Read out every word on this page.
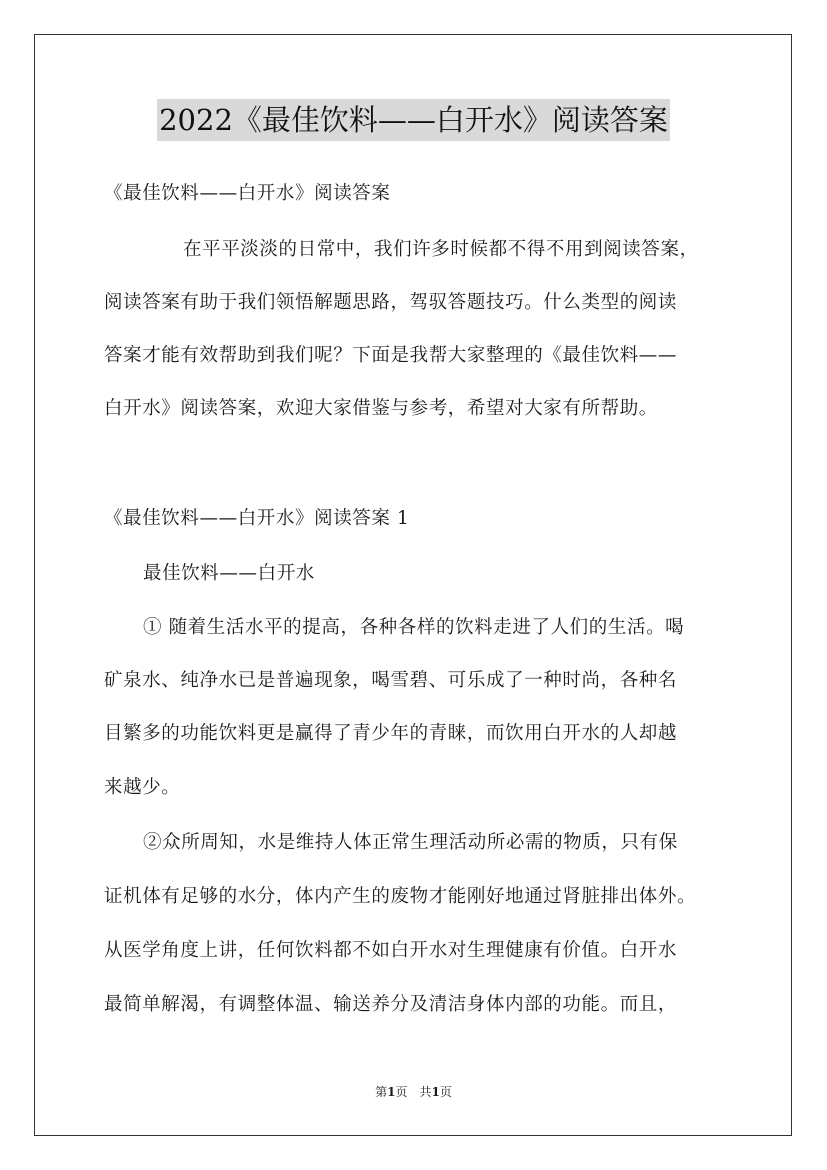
2022《最佳饮料——白开水》阅读答案
《最佳饮料——白开水》阅读答案
在平平淡淡的日常中，我们许多时候都不得不用到阅读答案，
阅读答案有助于我们领悟解题思路，驾驭答题技巧。什么类型的阅读
答案才能有效帮助到我们呢？下面是我帮大家整理的《最佳饮料——
白开水》阅读答案，欢迎大家借鉴与参考，希望对大家有所帮助。
《最佳饮料——白开水》阅读答案 1
最佳饮料——白开水
① 随着生活水平的提高，各种各样的饮料走进了人们的生活。喝
矿泉水、纯净水已是普遍现象，喝雪碧、可乐成了一种时尚，各种名
目繁多的功能饮料更是赢得了青少年的青睐，而饮用白开水的人却越
来越少。
②众所周知，水是维持人体正常生理活动所必需的物质，只有保
证机体有足够的水分，体内产生的废物才能刚好地通过肾脏排出体外。
从医学角度上讲，任何饮料都不如白开水对生理健康有价值。白开水
最简单解渴，有调整体温、输送养分及清洁身体内部的功能。而且，
第1页　共1页
